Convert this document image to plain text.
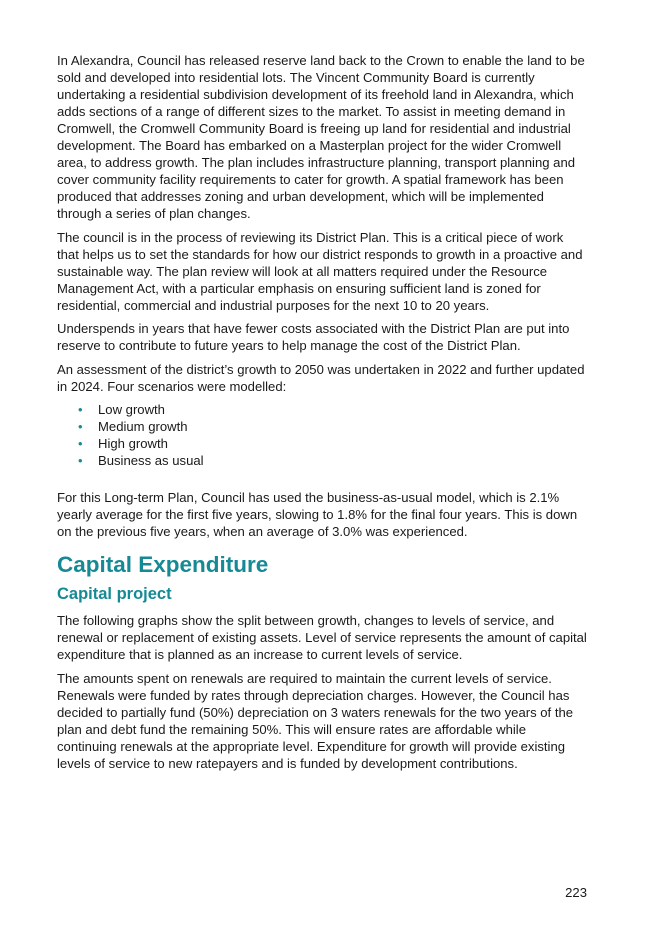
In Alexandra, Council has released reserve land back to the Crown to enable the land to be sold and developed into residential lots. The Vincent Community Board is currently undertaking a residential subdivision development of its freehold land in Alexandra, which adds sections of a range of different sizes to the market. To assist in meeting demand in Cromwell, the Cromwell Community Board is freeing up land for residential and industrial development. The Board has embarked on a Masterplan project for the wider Cromwell area, to address growth. The plan includes infrastructure planning, transport planning and cover community facility requirements to cater for growth. A spatial framework has been produced that addresses zoning and urban development, which will be implemented through a series of plan changes.

The council is in the process of reviewing its District Plan. This is a critical piece of work that helps us to set the standards for how our district responds to growth in a proactive and sustainable way. The plan review will look at all matters required under the Resource Management Act, with a particular emphasis on ensuring sufficient land is zoned for residential, commercial and industrial purposes for the next 10 to 20 years.

Underspends in years that have fewer costs associated with the District Plan are put into reserve to contribute to future years to help manage the cost of the District Plan.

An assessment of the district’s growth to 2050 was undertaken in 2022 and further updated in 2024. Four scenarios were modelled:

• Low growth
• Medium growth
• High growth
• Business as usual

For this Long-term Plan, Council has used the business-as-usual model, which is 2.1% yearly average for the first five years, slowing to 1.8% for the final four years. This is down on the previous five years, when an average of 3.0% was experienced.

Capital Expenditure
Capital project

The following graphs show the split between growth, changes to levels of service, and renewal or replacement of existing assets. Level of service represents the amount of capital expenditure that is planned as an increase to current levels of service.

The amounts spent on renewals are required to maintain the current levels of service. Renewals were funded by rates through depreciation charges. However, the Council has decided to partially fund (50%) depreciation on 3 waters renewals for the two years of the plan and debt fund the remaining 50%. This will ensure rates are affordable while continuing renewals at the appropriate level. Expenditure for growth will provide existing levels of service to new ratepayers and is funded by development contributions.

223
